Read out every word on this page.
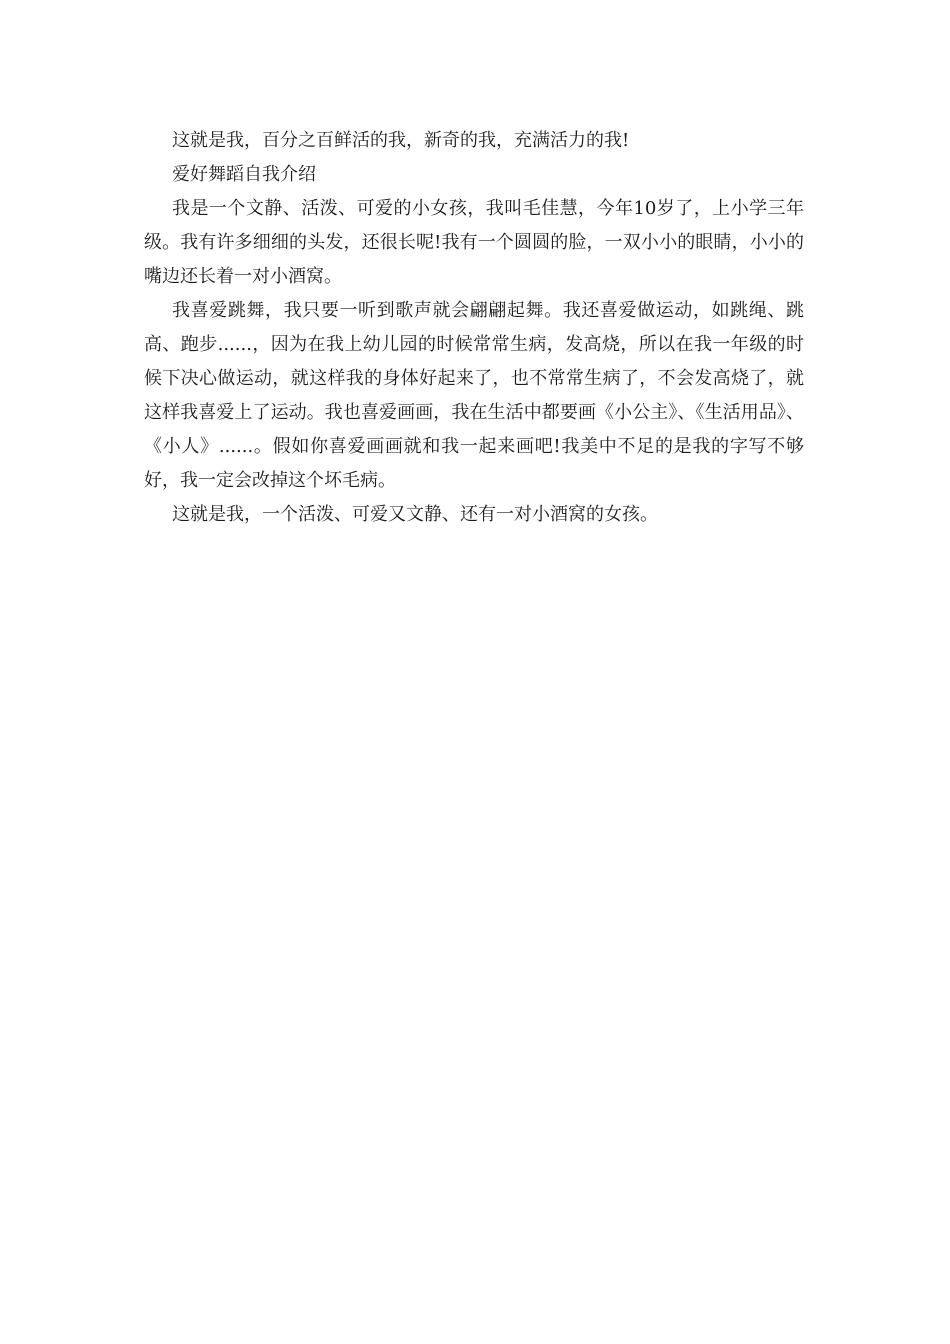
这就是我，百分之百鲜活的我，新奇的我，充满活力的我!

爱好舞蹈自我介绍

我是一个文静、活泼、可爱的小女孩，我叫毛佳慧，今年10岁了，上小学三年级。我有许多细细的头发，还很长呢!我有一个圆圆的脸，一双小小的眼睛，小小的嘴边还长着一对小酒窝。

我喜爱跳舞，我只要一听到歌声就会翩翩起舞。我还喜爱做运动，如跳绳、跳高、跑步......，因为在我上幼儿园的时候常常生病，发高烧，所以在我一年级的时候下决心做运动，就这样我的身体好起来了，也不常常生病了，不会发高烧了，就这样我喜爱上了运动。我也喜爱画画，我在生活中都要画《小公主》、《生活用品》、《小人》......。假如你喜爱画画就和我一起来画吧!我美中不足的是我的字写不够好，我一定会改掉这个坏毛病。

这就是我，一个活泼、可爱又文静、还有一对小酒窝的女孩。
